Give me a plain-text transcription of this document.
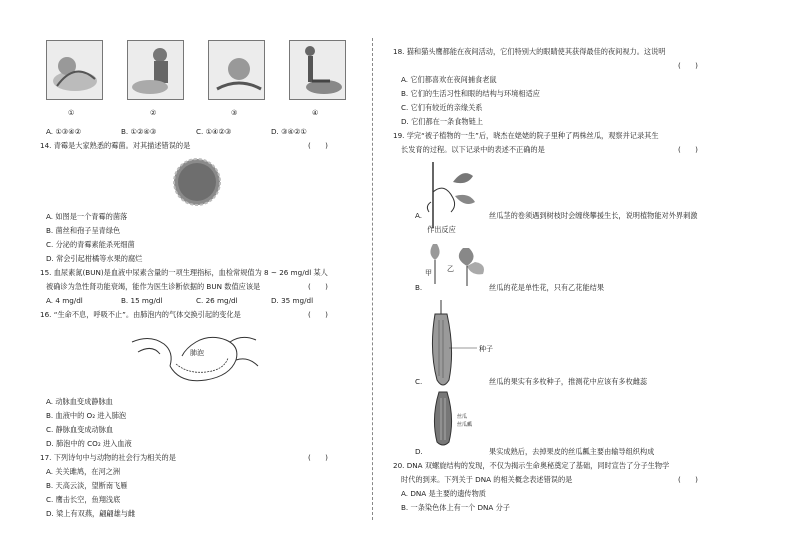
①	②	③	④
A. ①③④②	B. ①②④③	C. ①④②③	D. ③④②①
14. 青霉是大家熟悉的霉菌。对其描述错误的是	(　　)
A. 如图是一个青霉的菌落
B. 菌丝和孢子呈青绿色
C. 分泌的青霉素能杀死细菌
D. 常会引起柑橘等水果的腐烂
15. 血尿素氮(BUN)是血液中尿素含量的一项生理指标，血检常规值为 8 ~ 26 mg/dl 某人
被确诊为急性肾功能衰竭，能作为医生诊断依据的 BUN 数值应该是	(　　)
A. 4 mg/dl	B. 15 mg/dl	C. 26 mg/dl	D. 35 mg/dl
16. “生命不息，呼吸不止”。由肺泡内的气体交换引起的变化是	(　　)
肺泡
A. 动脉血变成静脉血
B. 血液中的 O₂ 进入肺泡
C. 静脉血变成动脉血
D. 肺泡中的 CO₂ 进入血液
17. 下列诗句中与动物的社会行为相关的是	(　　)
A. 关关雎鸠，在河之洲
B. 天高云淡，望断南飞雁
C. 鹰击长空，鱼翔浅底
D. 梁上有双燕，翩翩雄与雌
18. 猫和猫头鹰都能在夜间活动，它们特别大的眼睛使其获得最佳的夜间视力。这说明
(　　)
A. 它们都喜欢在夜间捕食老鼠
B. 它们的生活习性和眼的结构与环境相适应
C. 它们有较近的亲缘关系
D. 它们都在一条食物链上
19. 学完“被子植物的一生”后，晓杰在姥姥的院子里种了两株丝瓜，观察并记录其生
长发育的过程。以下记录中的表述不正确的是	(　　)
A.	丝瓜茎的卷须遇到树枝时会缠绕攀援生长，说明植物能对外界刺激
作出反应
甲 乙
B.	丝瓜的花是单性花，只有乙花能结果
种子
C.	丝瓜的果实有多枚种子，推测花中应该有多枚雌蕊
丝瓜
丝瓜瓤
D.	果实成熟后，去掉果皮的丝瓜瓤主要由输导组织构成
20. DNA 双螺旋结构的发现，不仅为揭示生命奥秘奠定了基础，同时宣告了分子生物学
时代的到来。下列关于 DNA 的相关概念表述错误的是	(　　)
A. DNA 是主要的遗传物质
B. 一条染色体上有一个 DNA 分子
